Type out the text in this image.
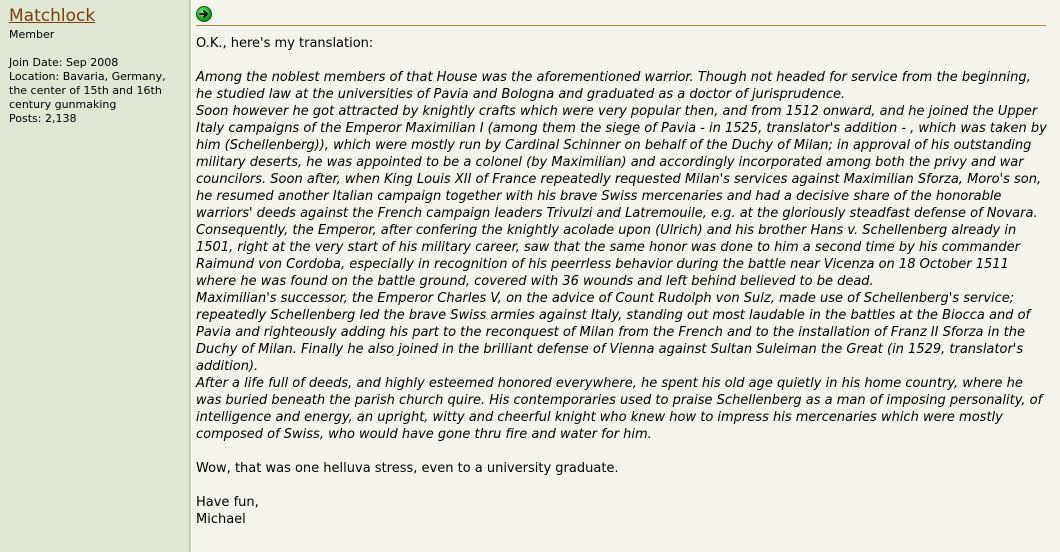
Matchlock
Member
Join Date: Sep 2008
Location: Bavaria, Germany,
the center of 15th and 16th
century gunmaking
Posts: 2,138

O.K., here's my translation:

Among the noblest members of that House was the aforementioned warrior. Though not headed for service from the beginning, he studied law at the universities of Pavia and Bologna and graduated as a doctor of jurisprudence.

Soon however he got attracted by knightly crafts which were very popular then, and from 1512 onward, and he joined the Upper Italy campaigns of the Emperor Maximilian I (among them the siege of Pavia - in 1525, translator's addition - , which was taken by him (Schellenberg)), which were mostly run by Cardinal Schinner on behalf of the Duchy of Milan; in approval of his outstanding military deserts, he was appointed to be a colonel (by Maximilian) and accordingly incorporated among both the privy and war councilors. Soon after, when King Louis XII of France repeatedly requested Milan's services against Maximilian Sforza, Moro's son, he resumed another Italian campaign together with his brave Swiss mercenaries and had a decisive share of the honorable warriors' deeds against the French campaign leaders Trivulzi and Latremouile, e.g. at the gloriously steadfast defense of Novara. Consequently, the Emperor, after confering the knightly acolade upon (Ulrich) and his brother Hans v. Schellenberg already in 1501, right at the very start of his military career, saw that the same honor was done to him a second time by his commander Raimund von Cordoba, especially in recognition of his peerrless behavior during the battle near Vicenza on 18 October 1511 where he was found on the battle ground, covered with 36 wounds and left behind believed to be dead.

Maximilian's successor, the Emperor Charles V, on the advice of Count Rudolph von Sulz, made use of Schellenberg's service; repeatedly Schellenberg led the brave Swiss armies against Italy, standing out most laudable in the battles at the Biocca and of Pavia and righteously adding his part to the reconquest of Milan from the French and to the installation of Franz II Sforza in the Duchy of Milan. Finally he also joined in the brilliant defense of Vienna against Sultan Suleiman the Great (in 1529, translator's addition).

After a life full of deeds, and highly esteemed honored everywhere, he spent his old age quietly in his home country, where he was buried beneath the parish church quire. His contemporaries used to praise Schellenberg as a man of imposing personality, of intelligence and energy, an upright, witty and cheerful knight who knew how to impress his mercenaries which were mostly composed of Swiss, who would have gone thru fire and water for him.

Wow, that was one helluva stress, even to a university graduate.

Have fun,

Michael
